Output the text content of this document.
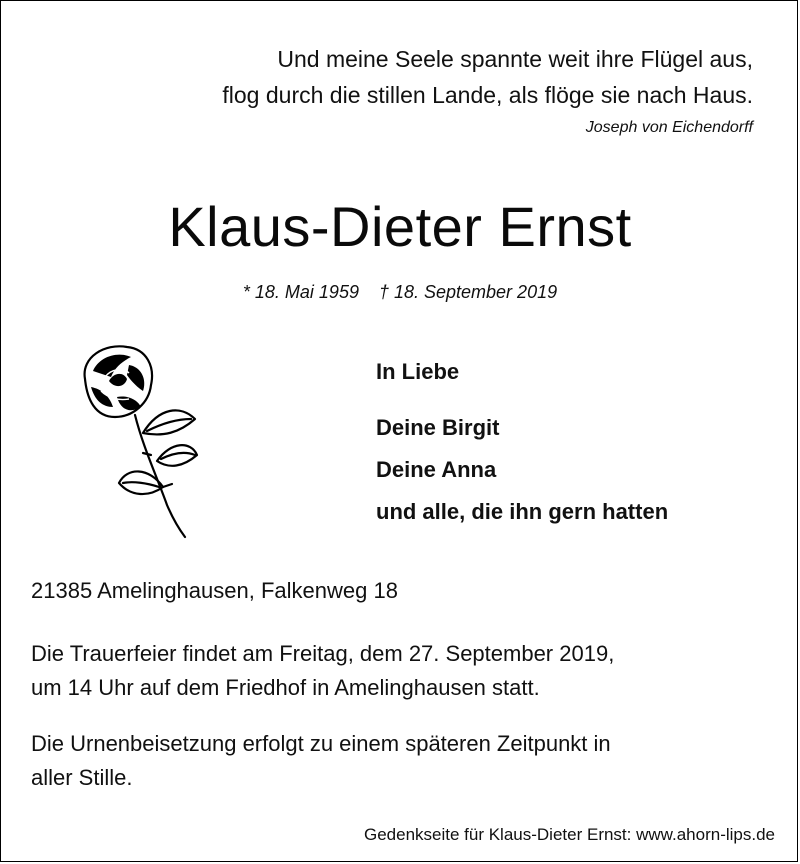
Und meine Seele spannte weit ihre Flügel aus,
flog durch die stillen Lande, als flöge sie nach Haus.
Joseph von Eichendorff
Klaus-Dieter Ernst
* 18. Mai 1959 † 18. September 2019
In Liebe
Deine Birgit
Deine Anna
und alle, die ihn gern hatten
21385 Amelinghausen, Falkenweg 18
Die Trauerfeier findet am Freitag, dem 27. September 2019,
um 14 Uhr auf dem Friedhof in Amelinghausen statt.
Die Urnenbeisetzung erfolgt zu einem späteren Zeitpunkt in
aller Stille.
Gedenkseite für Klaus-Dieter Ernst: www.ahorn-lips.de
